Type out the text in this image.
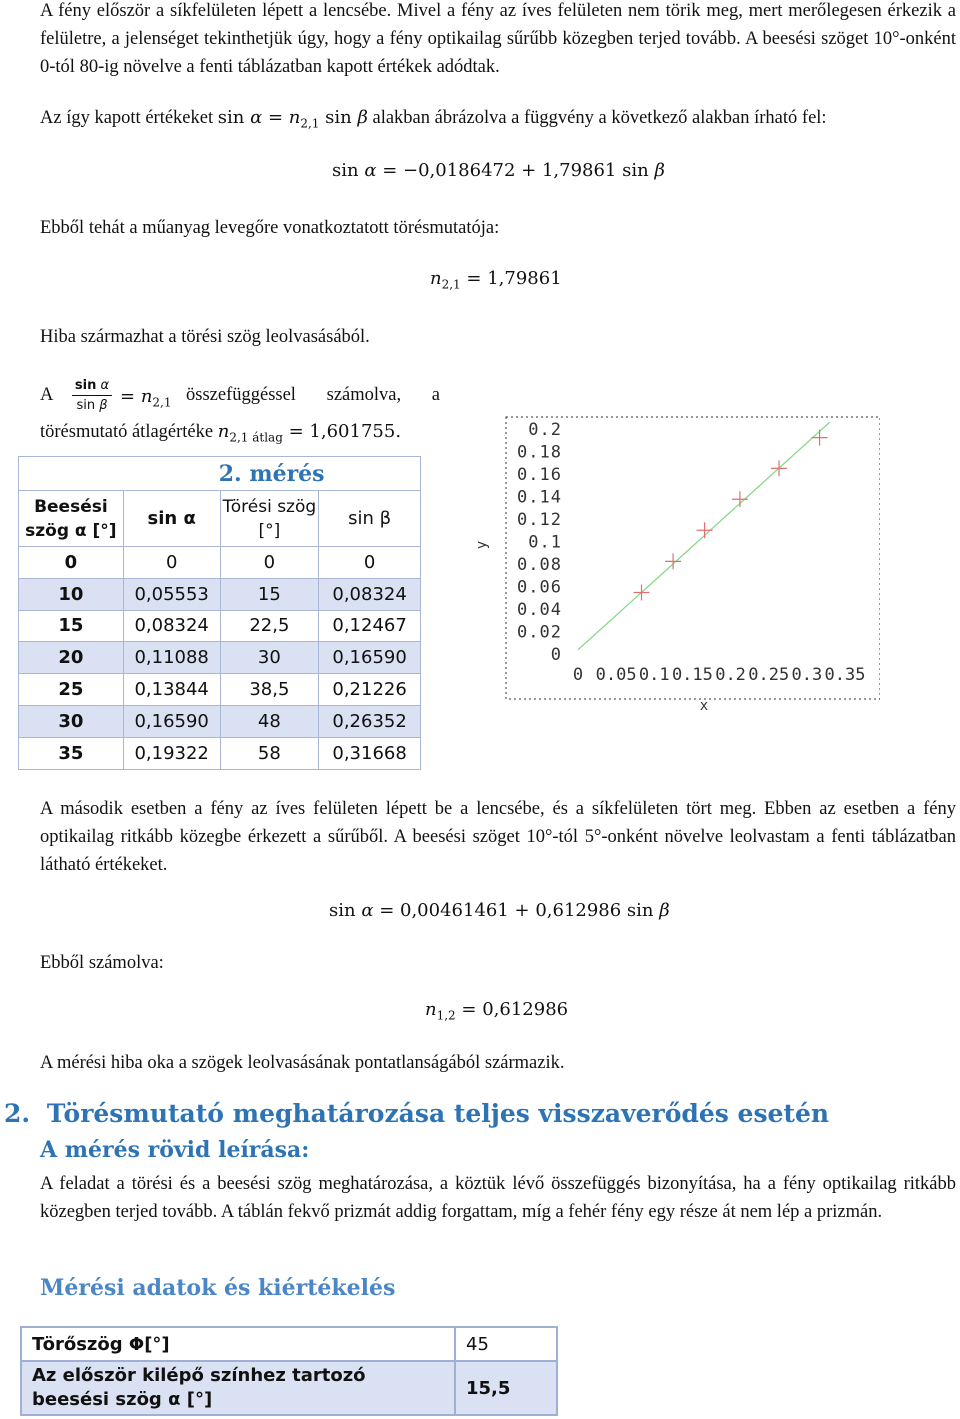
A fény először a síkfelületen lépett a lencsébe. Mivel a fény az íves felületen nem törik meg, mert merőlegesen érkezik a felületre, a jelenséget tekinthetjük úgy, hogy a fény optikailag sűrűbb közegben terjed tovább. A beesési szöget 10°-onként 0-tól 80-ig növelve a fenti táblázatban kapott értékek adódtak.
Az így kapott értékeket $\sin \alpha = n_{2,1}$ sin β alakban ábrázolva a függvény a következő alakban írható fel:
sin α = −0,0186472 + 1,79861 sin β
Ebből tehát a műanyag levegőre vonatkoztatott törésmutatója:
$n_{2,1} = 1,79861$
Hiba származhat a törési szög leolvasásából.
A sin α
$\sin \beta = n_{2,1}$ összefüggéssel számolva, a
törésmutató átlagértéke $n_{2,1 átlag} = 1,601755$.
	2. mérés		
Beesési szög α [°]	sin α	Törési szög [°]	sin β
0	0	0	0
10	0,05553	15	0,08324
15	0,08324	22,5	0,12467
20	0,11088	30	0,16590
25	0,13844	38,5	0,21226
30	0,16590	48	0,26352
35	0,19322	58	0,31668
0.2
0.18
0.16
0.14
0.12
0.1
0.08
0.06
0.04
0.02
0
0 0.05 0.1 0.15 0.2 0.25 0.3 0.35
y
x
A második esetben a fény az íves felületen lépett be a lencsébe, és a síkfelületen tört meg. Ebben az esetben a fény optikailag ritkább közegbe érkezett a sűrűből. A beesési szöget 10°-tól 5°-onként növelve leolvastam a fenti táblázatban látható értékeket.
sin α = 0,00461461 + 0,612986 sin β
Ebből számolva:
$n_{1,2} = 0,612986$
A mérési hiba oka a szögek leolvasásának pontatlanságából származik.
2. Törésmutató meghatározása teljes visszaverődés esetén
A mérés rövid leírása:
A feladat a törési és a beesési szög meghatározása, a köztük lévő összefüggés bizonyítása, ha a fény optikailag ritkább közegben terjed tovább. A táblán fekvő prizmát addig forgattam, míg a fehér fény egy része át nem lép a prizmán.
Mérési adatok és kiértékelés
Törőszög Φ[°]	45
Az először kilépő színhez tartozó beesési szög α [°]	15,5
